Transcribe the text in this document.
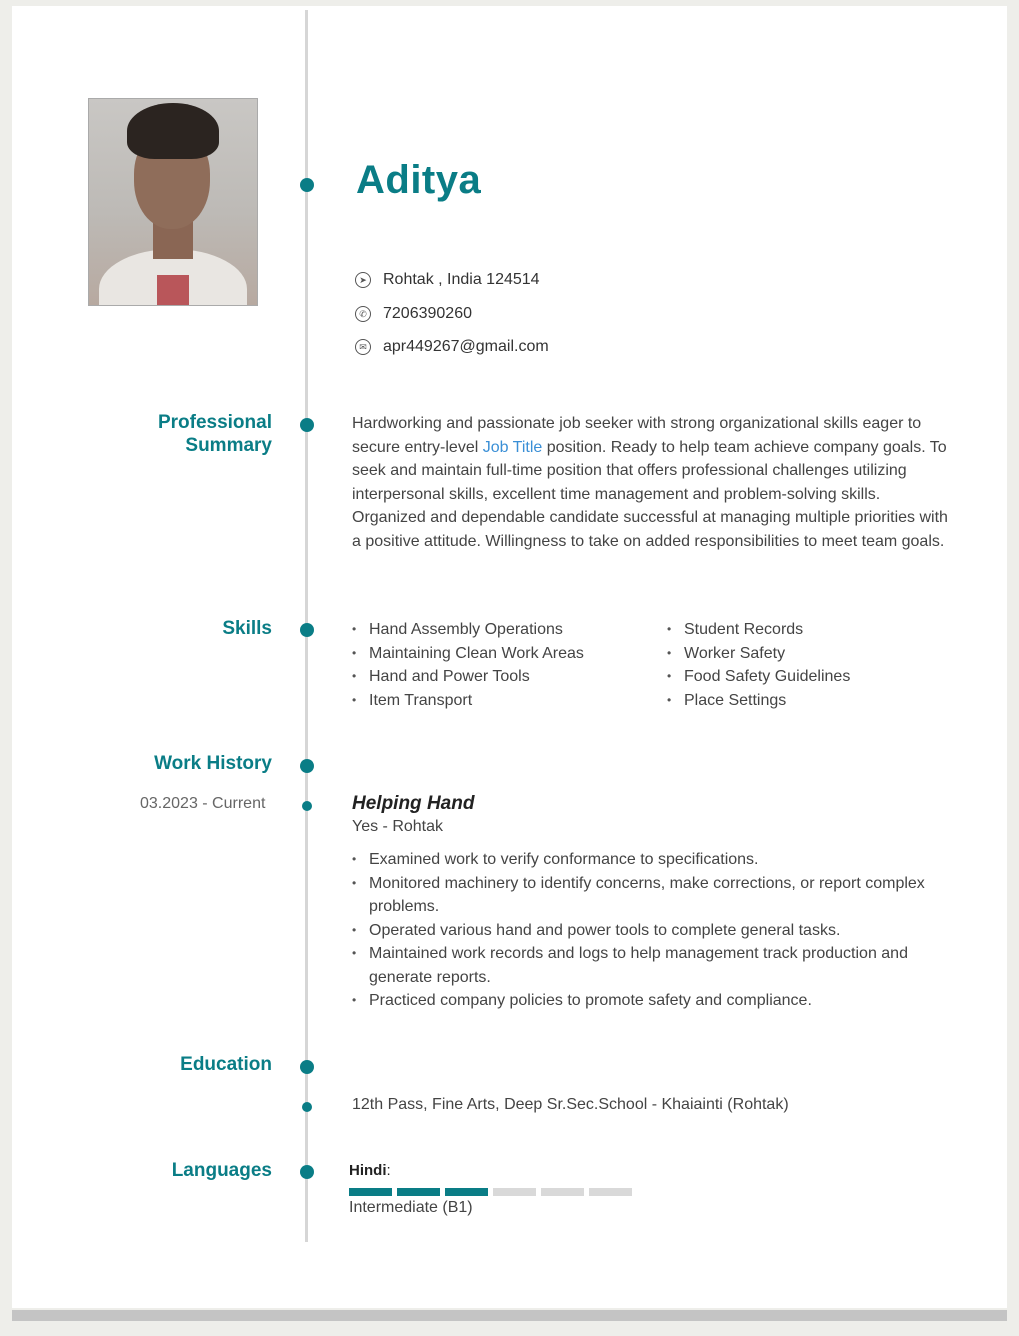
Aditya
➤ Rohtak , India 124514
✆ 7206390260
✉ apr449267@gmail.com
Professional
Summary
Hardworking and passionate job seeker with strong organizational skills eager to secure entry-level Job Title position. Ready to help team achieve company goals. To seek and maintain full-time position that offers professional challenges utilizing interpersonal skills, excellent time management and problem-solving skills. Organized and dependable candidate successful at managing multiple priorities with a positive attitude. Willingness to take on added responsibilities to meet team goals.
Skills
•	Hand Assembly Operations
• Maintaining Clean Work Areas
• Hand and Power Tools
• Item Transport
• Student Records
• Worker Safety
• Food Safety Guidelines
• Place Settings
Work History
03.2023 - Current	Helping Hand
Yes - Rohtak
• Examined work to verify conformance to specifications.
• Monitored machinery to identify concerns, make corrections, or report complex problems.
• Operated various hand and power tools to complete general tasks.
• Maintained work records and logs to help management track production and generate reports.
• Practiced company policies to promote safety and compliance.
Education
12th Pass, Fine Arts, Deep Sr.Sec.School - Khaiainti (Rohtak)
Languages	Hindi:
Intermediate (B1)
